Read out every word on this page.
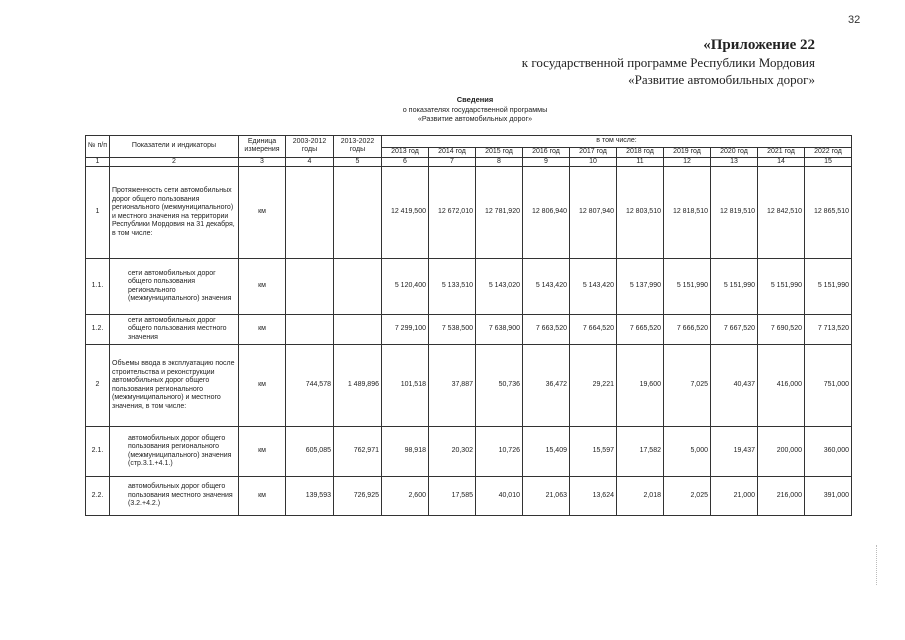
32
«Приложение 22
к государственной программе Республики Мордовия
«Развитие автомобильных дорог»
Сведения
о показателях государственной программы
«Развитие автомобильных дорог»
№ п/п	Показатели и индикаторы	Единица измерения	2003-2012 годы	2013-2022 годы	в том числе:									
					2013 год	2014 год	2015 год	2016 год	2017 год	2018 год	2019 год	2020 год	2021 год	2022 год
1	2	3	4	5	6	7	8	9	10	11	12	13	14	15
1	Протяженность сети автомобильных дорог общего пользования регионального (межмуниципального) и местного значения на территории Республики Мордовия на 31 декабря, в том числе:	км			12 419,500	12 672,010	12 781,920	12 806,940	12 807,940	12 803,510	12 818,510	12 819,510	12 842,510	12 865,510
1.1.	сети автомобильных дорог общего пользования регионального (межмуниципального) значения	км			5 120,400	5 133,510	5 143,020	5 143,420	5 143,420	5 137,990	5 151,990	5 151,990	5 151,990	5 151,990
1.2.	сети автомобильных дорог общего пользования местного значения	км			7 299,100	7 538,500	7 638,900	7 663,520	7 664,520	7 665,520	7 666,520	7 667,520	7 690,520	7 713,520
2	Объемы ввода в эксплуатацию после строительства и реконструкции автомобильных дорог общего пользования регионального (межмуниципального) и местного значения, в том числе:	км	744,578	1 489,896	101,518	37,887	50,736	36,472	29,221	19,600	7,025	40,437	416,000	751,000
2.1.	автомобильных дорог общего пользования регионального (межмуниципального) значения (стр.3.1.+4.1.)	км	605,085	762,971	98,918	20,302	10,726	15,409	15,597	17,582	5,000	19,437	200,000	360,000
2.2.	автомобильных дорог общего пользования местного значения (3.2.+4.2.)	км	139,593	726,925	2,600	17,585	40,010	21,063	13,624	2,018	2,025	21,000	216,000	391,000
